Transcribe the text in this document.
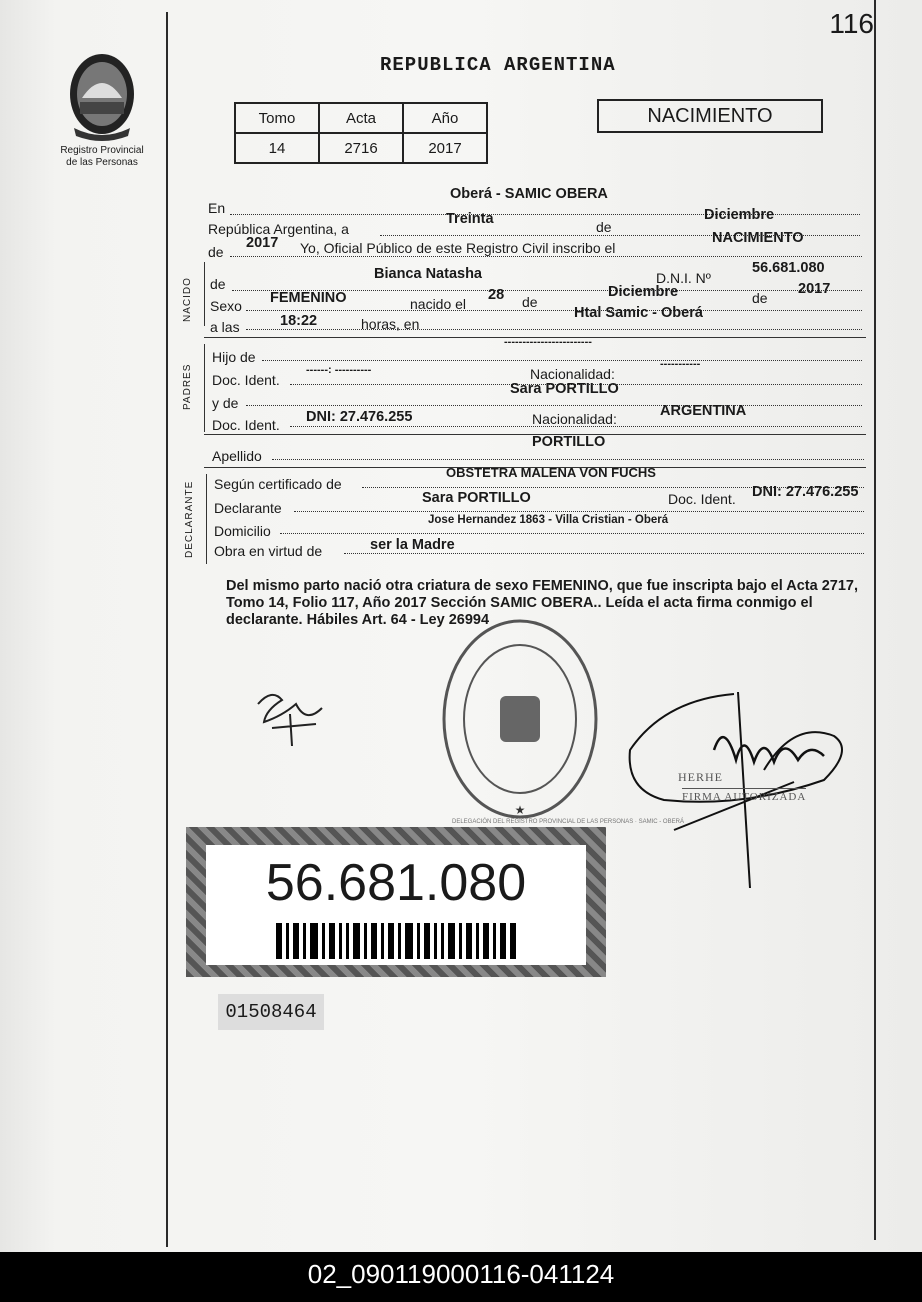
116
Registro Provincial
de las Personas
REPUBLICA ARGENTINA
Tomo	Acta	Año
14	2716	2017
NACIMIENTO
En
Oberá - SAMIC OBERA
República Argentina, a
Treinta	de
Diciembre
de
2017 Yo, Oficial Público de este Registro Civil inscribo el
NACIMIENTO
NACIDO de
Bianca Natasha	D.N.I. Nº
56.681.080
Sexo FEMENINO	nacido el
28 de
Diciembre	de
2017
a las	18:22	horas, en
Htal Samic - Oberá
PADRES
Hijo de
------------------------
Doc. Ident.
------: ----------	Nacionalidad:
-----------
y de
Sara PORTILLO
Doc. Ident. DNI: 27.476.255	Nacionalidad:	ARGENTINA
Apellido
PORTILLO
DECLARANTE Según certificado de
OBSTETRA MALENA VON FUCHS
Declarante
Sara PORTILLO	Doc. Ident. DNI: 27.476.255
Domicilio
Jose Hernandez 1863 - Villa Cristian - Oberá
Obra en virtud de	ser la Madre
Del mismo parto nació otra criatura de sexo FEMENINO, que fue inscripta bajo el Acta 2717, Tomo 14, Folio 117, Año 2017 Sección SAMIC OBERA.. Leída el acta firma conmigo el declarante. Hábiles Art. 64 - Ley 26994
★
DELEGACIÓN DEL REGISTRO PROVINCIAL DE LAS PERSONAS · SAMIC - OBERÁ
HERHE
FIRMA AUTORIZADA
56.681.080
01508464
02_090119000116-041124
